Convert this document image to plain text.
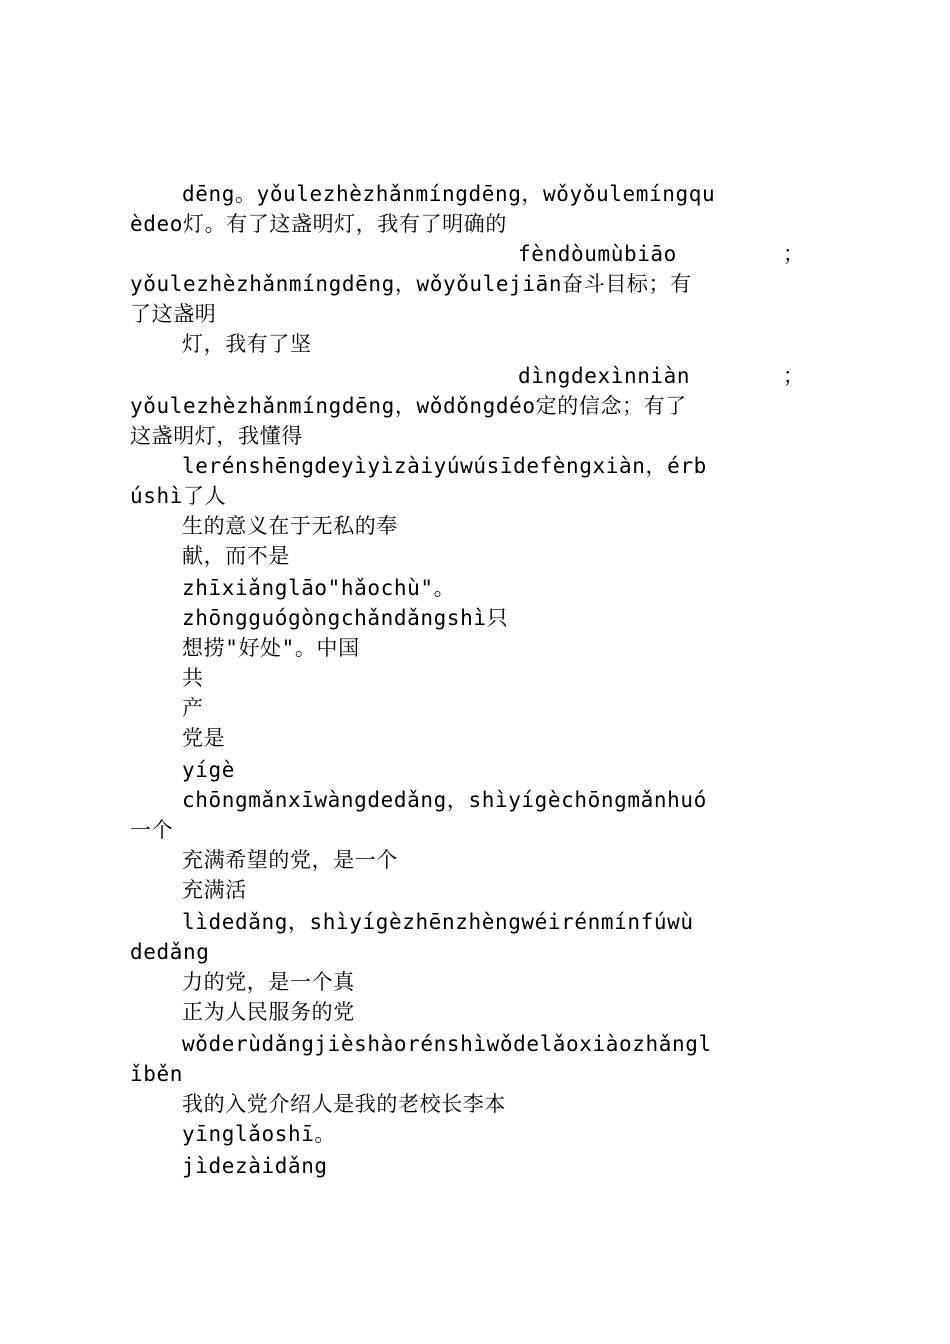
dēng。yǒulezhèzhǎnmíngdēng，wǒyǒulemíngqu
èdeo灯。有了这盏明灯，我有了明确的
fèndòumùbiāo        ；
yǒulezhèzhǎnmíngdēng，wǒyǒulejiān奋斗目标；有
了这盏明
灯，我有了坚
dìngdexìnniàn       ；
yǒulezhèzhǎnmíngdēng，wǒdǒngdéo定的信念；有了
这盏明灯，我懂得
lerénshēngdeyìyìzàiyúwúsīdefèngxiàn，érb
úshì了人
生的意义在于无私的奉
献，而不是
zhīxiǎnglāo"hǎochù"。
zhōngguógòngchǎndǎngshì只
想捞"好处"。中国
共
产
党是
yígè
chōngmǎnxīwàngdedǎng，shìyígèchōngmǎnhuó
一个
充满希望的党，是一个
充满活
lìdedǎng，shìyígèzhēnzhèngwéirénmínfúwù
dedǎng
力的党，是一个真
正为人民服务的党
wǒderùdǎngjièshàorénshìwǒdelǎoxiàozhǎngl
ǐběn
我的入党介绍人是我的老校长李本
yīnglǎoshī。
jìdezàidǎng
